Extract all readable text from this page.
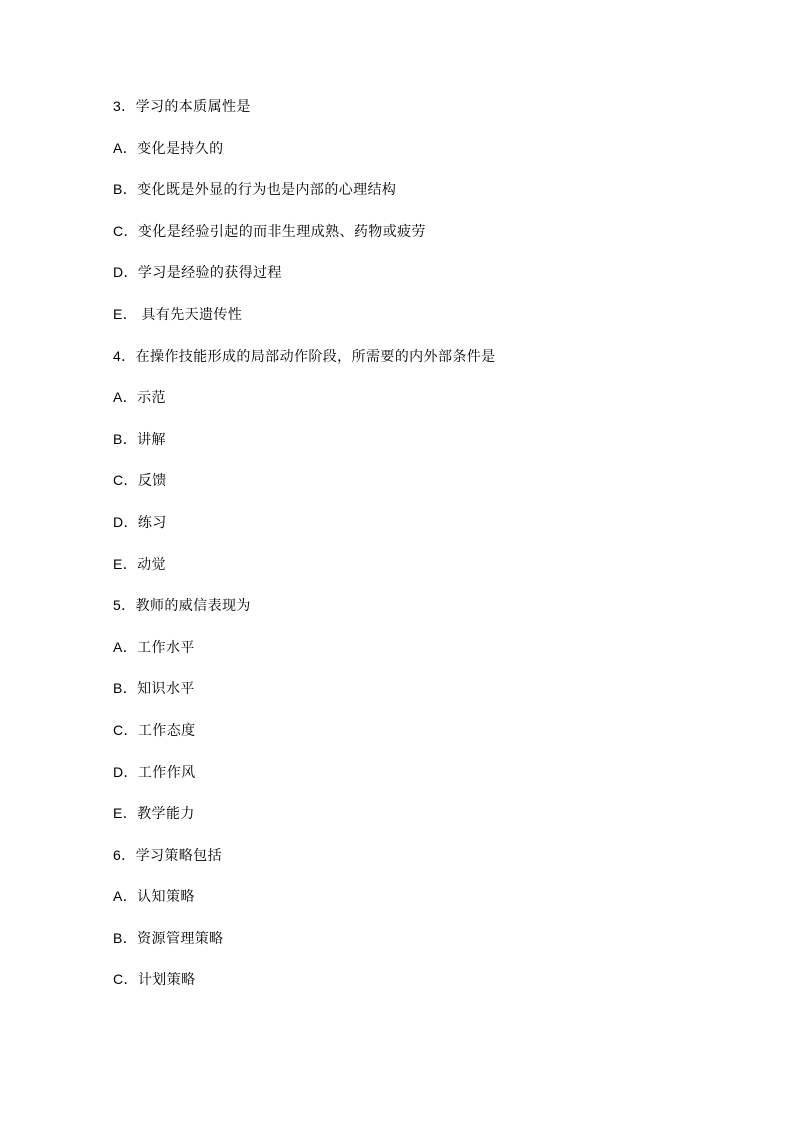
3．学习的本质属性是

A．变化是持久的

B．变化既是外显的行为也是内部的心理结构

C．变化是经验引起的而非生理成熟、药物或疲劳

D．学习是经验的获得过程

E． 具有先天遗传性

4．在操作技能形成的局部动作阶段，所需要的内外部条件是

A．示范

B．讲解

C．反馈

D．练习

E．动觉

5．教师的威信表现为

A．工作水平

B．知识水平

C．工作态度

D．工作作风

E．教学能力

6．学习策略包括

A．认知策略

B．资源管理策略

C．计划策略
